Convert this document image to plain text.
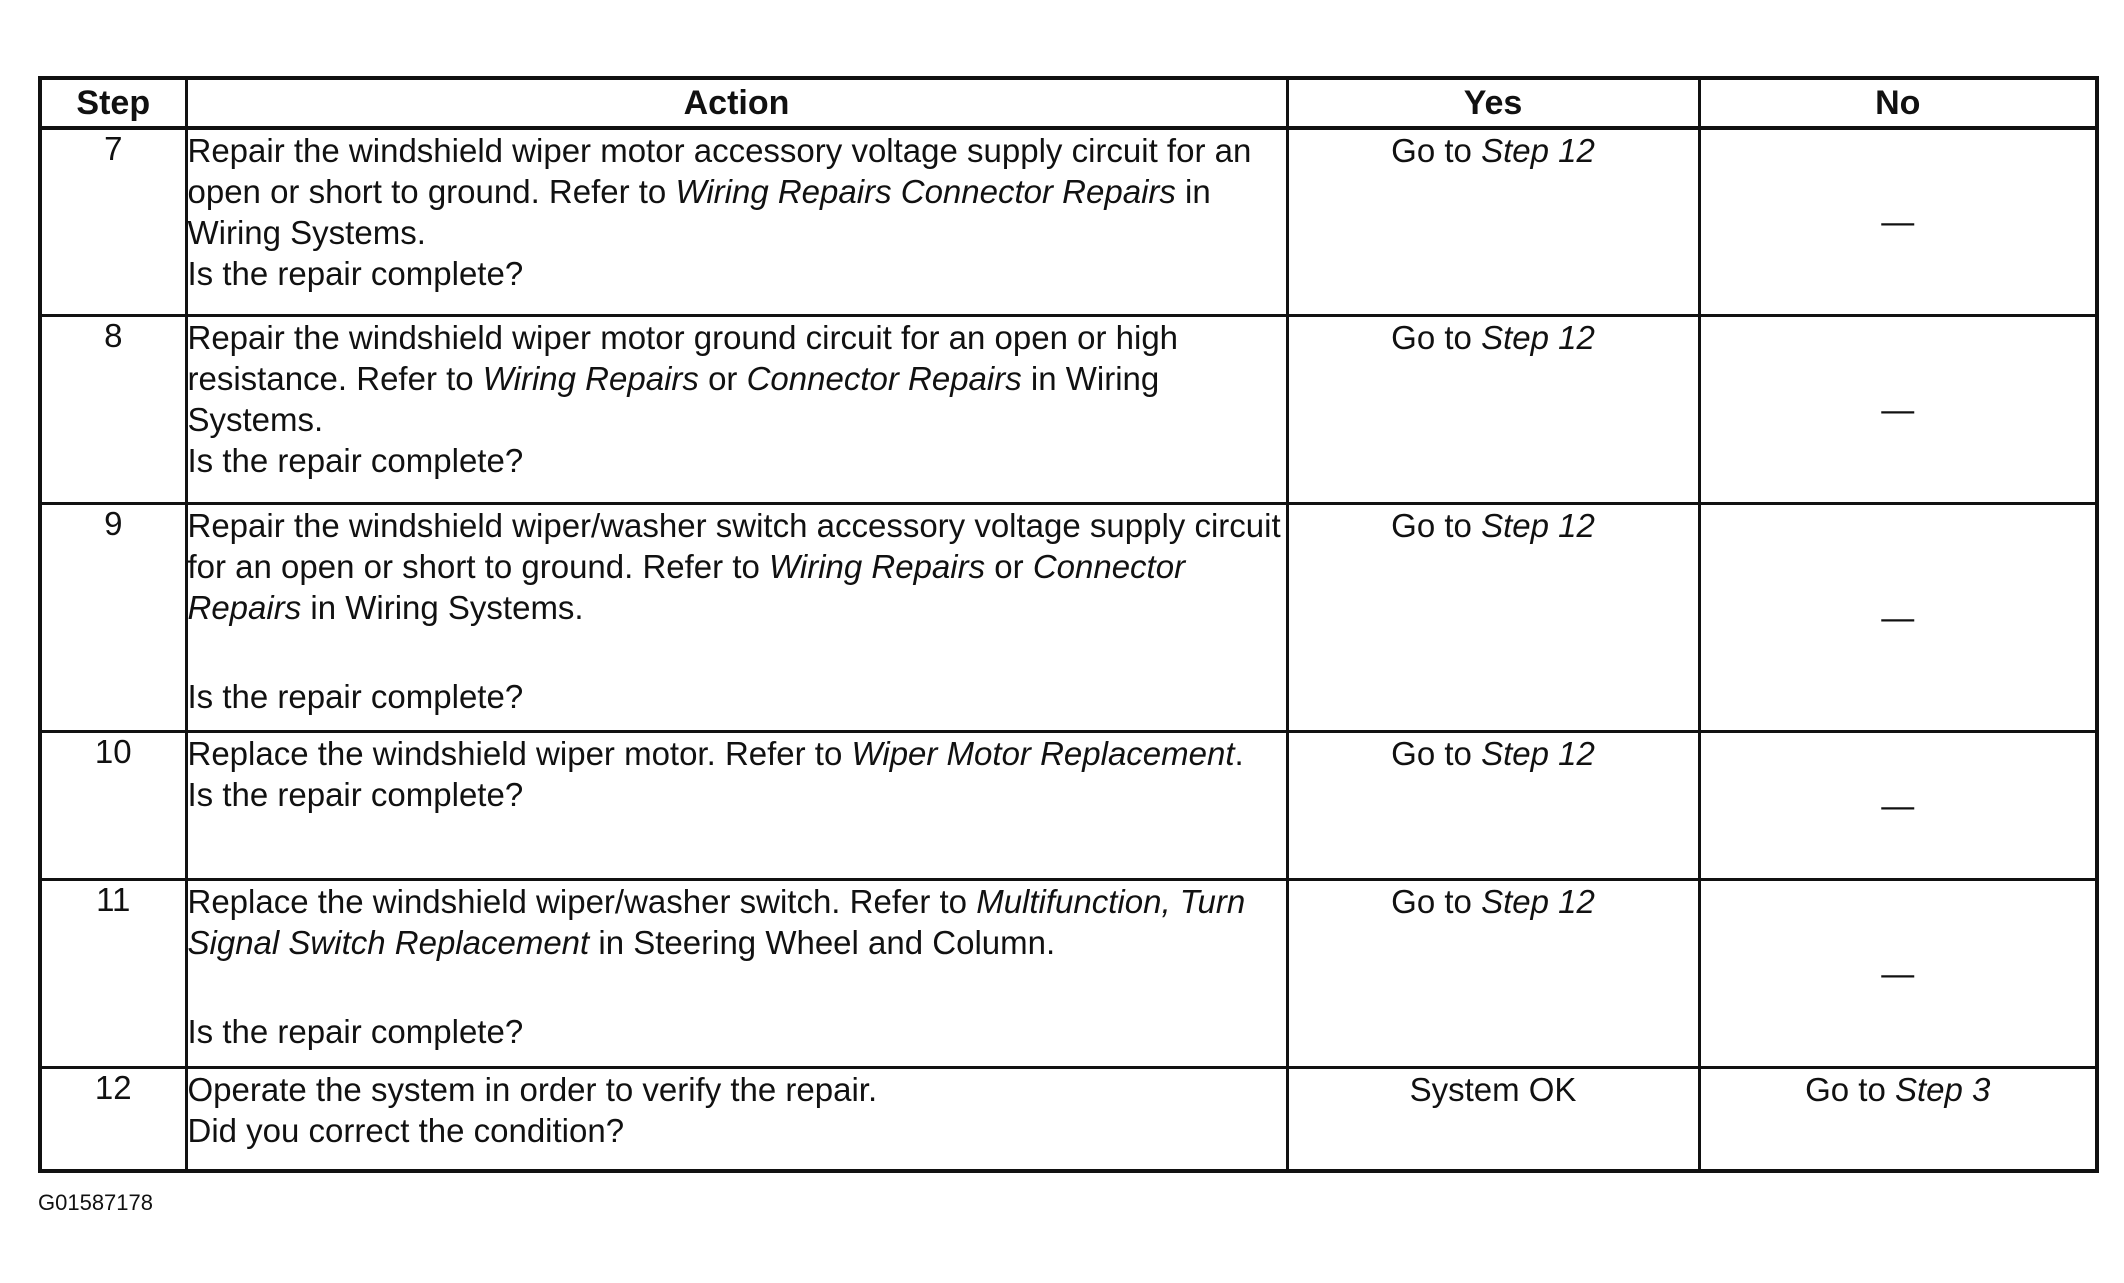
Step	Action	Yes	No
7	Repair the windshield wiper motor accessory voltage supply circuit for an open or short to ground. Refer to Wiring Repairs Connector Repairs in Wiring Systems.
Is the repair complete?	Go to Step 12	—
8	Repair the windshield wiper motor ground circuit for an open or high resistance. Refer to Wiring Repairs or Connector Repairs in Wiring Systems.
Is the repair complete?	Go to Step 12	—
9	Repair the windshield wiper/washer switch accessory voltage supply circuit for an open or short to ground. Refer to Wiring Repairs or Connector Repairs in Wiring Systems.
Is the repair complete?	Go to Step 12	—
10	Replace the windshield wiper motor. Refer to Wiper Motor Replacement.
Is the repair complete?	Go to Step 12	—
11	Replace the windshield wiper/washer switch. Refer to Multifunction, Turn Signal Switch Replacement in Steering Wheel and Column.
Is the repair complete?	Go to Step 12	—
12	Operate the system in order to verify the repair.
Did you correct the condition?	System OK	Go to Step 3
G01587178
